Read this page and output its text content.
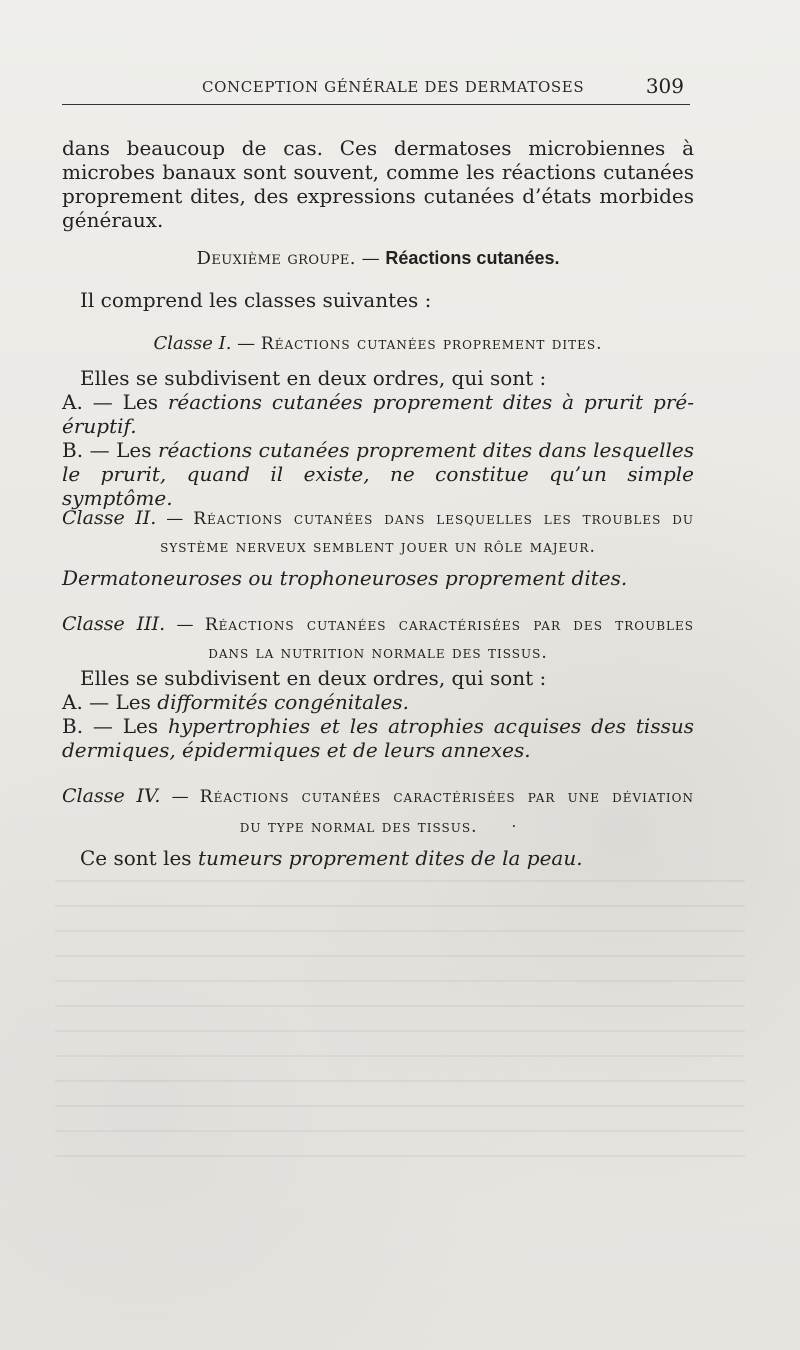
CONCEPTION GÉNÉRALE DES DERMATOSES	309
dans beaucoup de cas. Ces dermatoses microbiennes à microbes banaux sont souvent, comme les réactions cutanées proprement dites, des expressions cutanées d’états morbides généraux.
Deuxième groupe. — Réactions cutanées.
Il comprend les classes suivantes :
Classe I. — Réactions cutanées proprement dites.
Elles se subdivisent en deux ordres, qui sont :
A. — Les réactions cutanées proprement dites à prurit pré-éruptif.
B. — Les réactions cutanées proprement dites dans lesquelles le prurit, quand il existe, ne constitue qu’un simple symptôme.
Classe II. — Réactions cutanées dans lesquelles les troubles du
système nerveux semblent jouer un rôle majeur.
Dermatoneuroses ou trophoneuroses proprement dites.
Classe III. — Réactions cutanées caractérisées par des troubles
dans la nutrition normale des tissus.
Elles se subdivisent en deux ordres, qui sont :
A. — Les difformités congénitales.
B. — Les hypertrophies et les atrophies acquises des tissus dermiques, épidermiques et de leurs annexes.
Classe IV. — Réactions cutanées caractérisées par une déviation
du type normal des tissus. ·
Ce sont les tumeurs proprement dites de la peau.
